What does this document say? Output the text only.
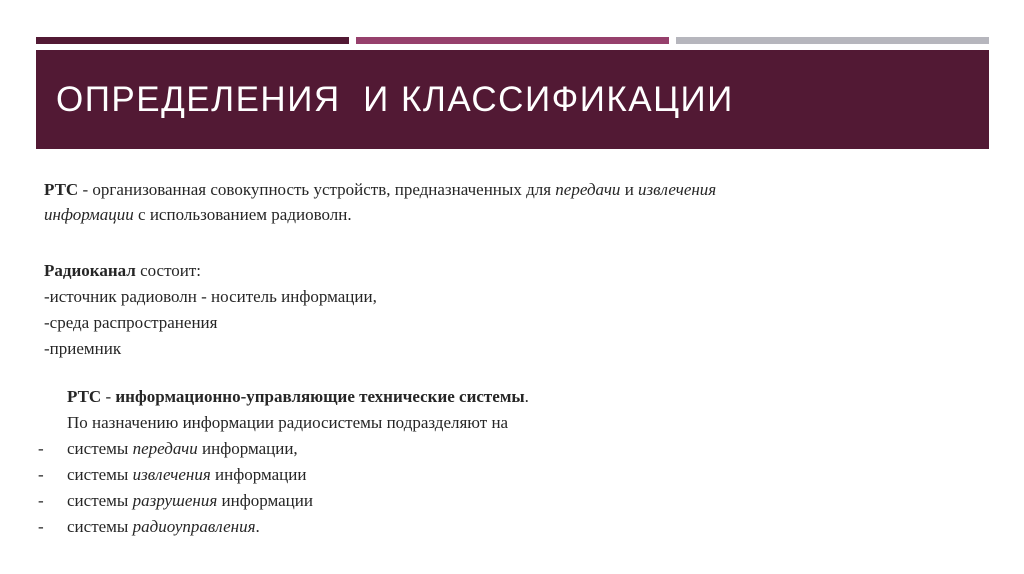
ОПРЕДЕЛЕНИЯ  И КЛАССИФИКАЦИИ
РТС - организованная совокупность устройств, предназначенных для передачи и извлечения
информации с использованием радиоволн.
Радиоканал состоит:
-источник радиоволн - носитель информации,
-среда распространения
-приемник
РТС - информационно-управляющие технические системы.
По назначению информации радиосистемы подразделяют на
- системы передачи информации,
- системы извлечения информации
- системы разрушения информации
- системы радиоуправления.
